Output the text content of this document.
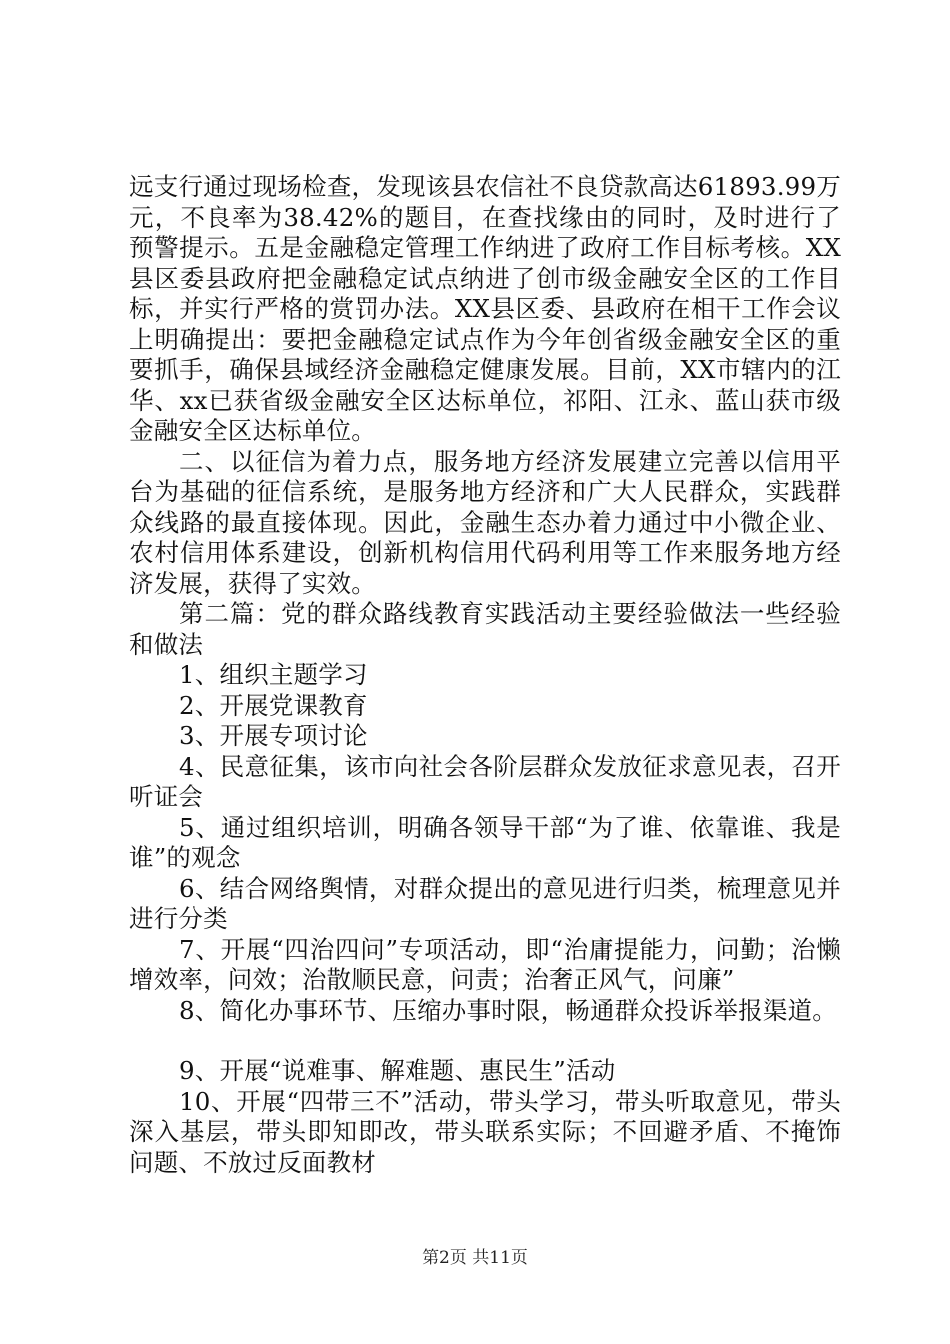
远支行通过现场检查，发现该县农信社不良贷款高达61893.99万元，不良率为38.42%的题目，在查找缘由的同时，及时进行了预警提示。五是金融稳定管理工作纳进了政府工作目标考核。XX县区委县政府把金融稳定试点纳进了创市级金融安全区的工作目标，并实行严格的赏罚办法。XX县区委、县政府在相干工作会议上明确提出：要把金融稳定试点作为今年创省级金融安全区的重要抓手，确保县域经济金融稳定健康发展。目前，XX市辖内的江华、xx已获省级金融安全区达标单位，祁阳、江永、蓝山获市级金融安全区达标单位。

二、以征信为着力点，服务地方经济发展建立完善以信用平台为基础的征信系统，是服务地方经济和广大人民群众，实践群众线路的最直接体现。因此，金融生态办着力通过中小微企业、农村信用体系建设，创新机构信用代码利用等工作来服务地方经济发展，获得了实效。

第二篇：党的群众路线教育实践活动主要经验做法一些经验和做法

1、组织主题学习

2、开展党课教育

3、开展专项讨论

4、民意征集，该市向社会各阶层群众发放征求意见表，召开听证会

5、通过组织培训，明确各领导干部“为了谁、依靠谁、我是谁”的观念

6、结合网络舆情，对群众提出的意见进行归类，梳理意见并进行分类

7、开展“四治四问”专项活动，即“治庸提能力，问勤；治懒增效率，问效；治散顺民意，问责；治奢正风气，问廉”

8、简化办事环节、压缩办事时限，畅通群众投诉举报渠道。

9、开展“说难事、解难题、惠民生”活动

10、开展“四带三不”活动，带头学习，带头听取意见，带头深入基层，带头即知即改，带头联系实际；不回避矛盾、不掩饰问题、不放过反面教材

第2页 共11页
